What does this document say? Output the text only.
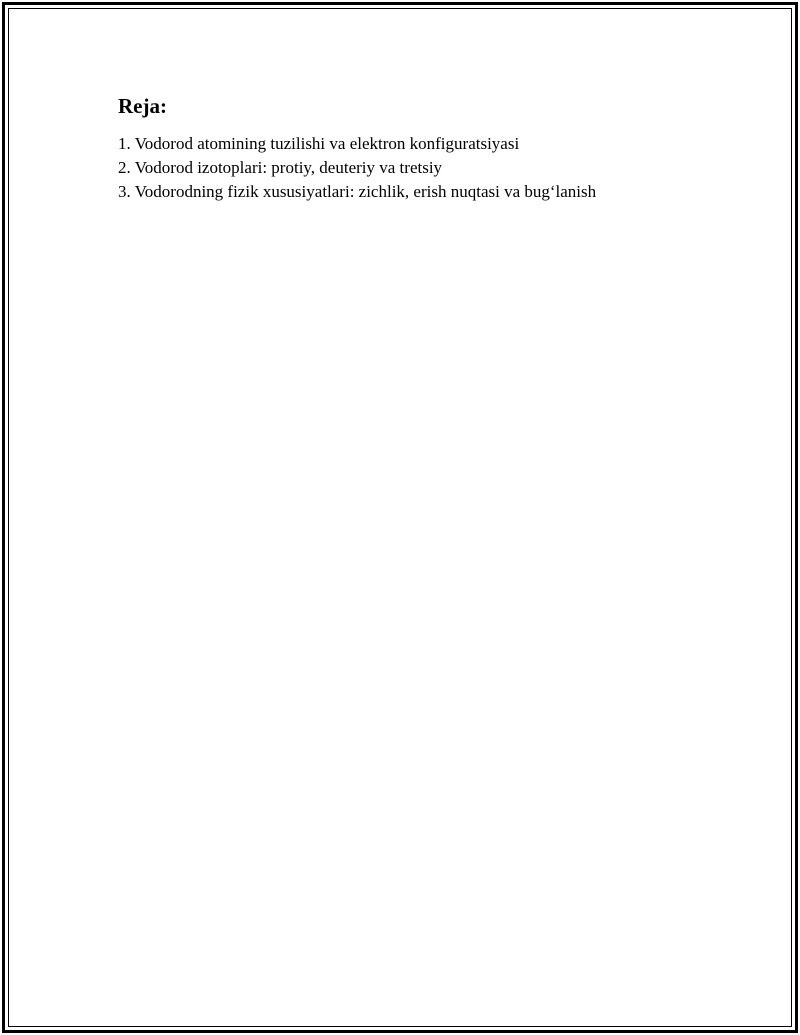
Reja:
1. Vodorod atomining tuzilishi va elektron konfiguratsiyasi
2. Vodorod izotoplari: protiy, deuteriy va tretsiy
3. Vodorodning fizik xususiyatlari: zichlik, erish nuqtasi va bug‘lanish
